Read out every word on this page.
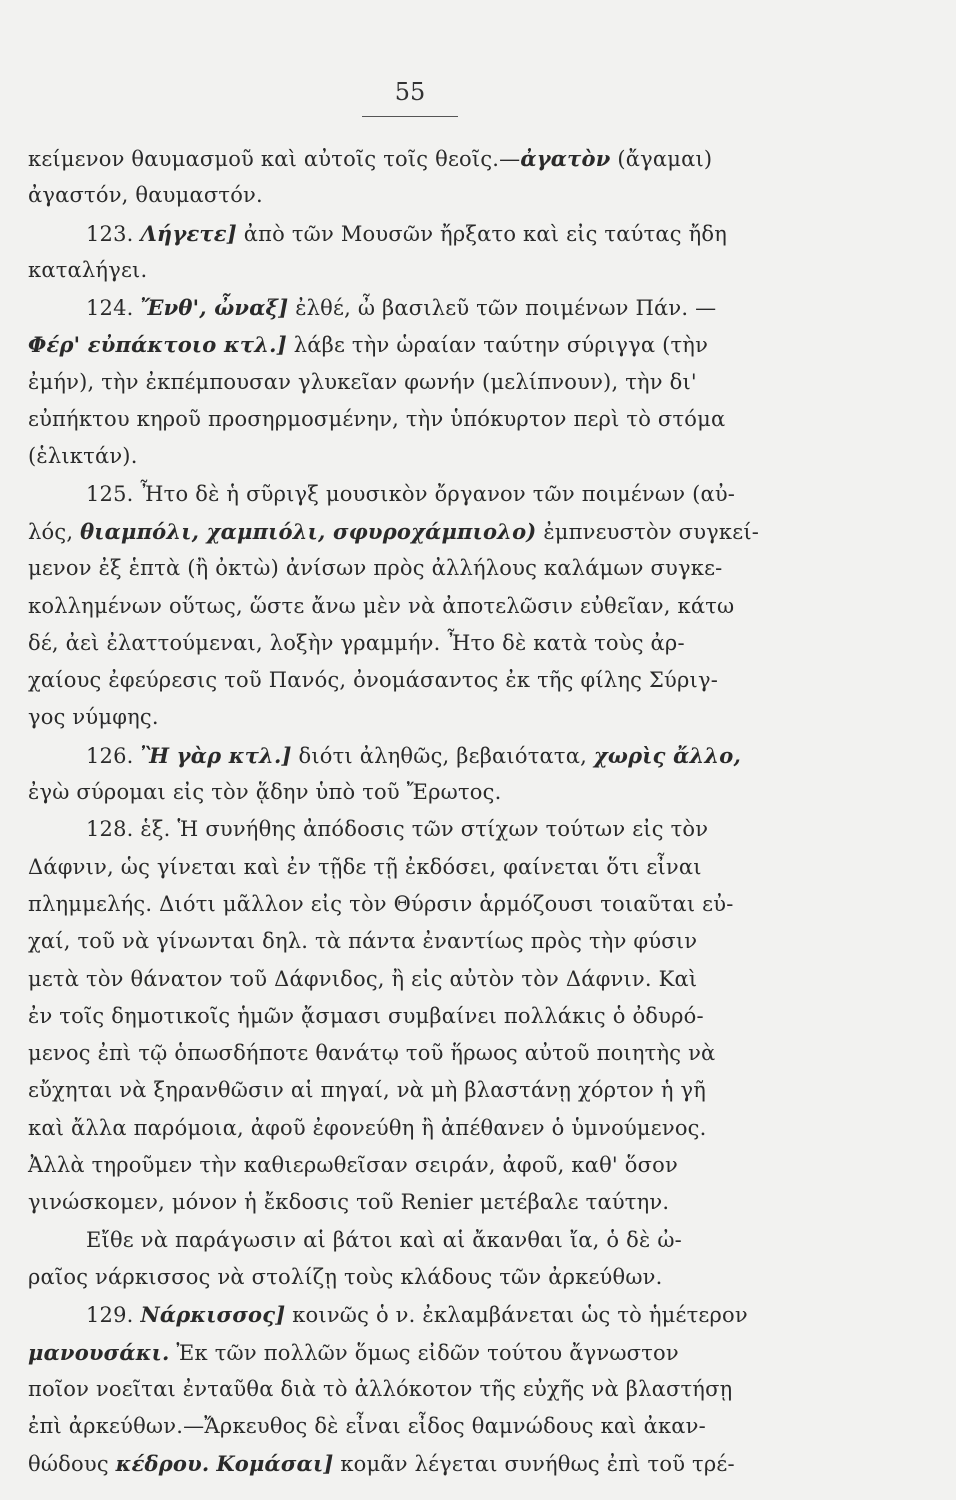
55
κείμενον θαυμασμοῦ καὶ αὐτοῖς τοῖς θεοῖς.—ἀγατὸν (ἄγαμαι)
ἀγαστόν, θαυμαστόν.
123. Λήγετε] ἀπὸ τῶν Μουσῶν ἤρξατο καὶ εἰς ταύτας ἤδη
καταλήγει.
124. Ἔνθ', ὦναξ] ἐλθέ, ὦ βασιλεῦ τῶν ποιμένων Πάν. —
Φέρ' εὐπάκτοιο κτλ.] λάβε τὴν ὡραίαν ταύτην σύριγγα (τὴν
ἐμήν), τὴν ἐκπέμπουσαν γλυκεῖαν φωνήν (μελίπνουν), τὴν δι'
εὐπήκτου κηροῦ προσηρμοσμένην, τὴν ὑπόκυρτον περὶ τὸ στόμα
(ἑλικτάν).
125. Ἦτο δὲ ἡ σῦριγξ μουσικὸν ὄργανον τῶν ποιμένων (αὐ-
λός, θιαμπόλι, χαμπιόλι, σφυροχάμπιολο) ἐμπνευστὸν συγκεί-
μενον ἐξ ἑπτὰ (ἢ ὀκτὼ) ἀνίσων πρὸς ἀλλήλους καλάμων συγκε-
κολλημένων οὕτως, ὥστε ἄνω μὲν νὰ ἀποτελῶσιν εὐθεῖαν, κάτω
δέ, ἀεὶ ἐλαττούμεναι, λοξὴν γραμμήν. Ἦτο δὲ κατὰ τοὺς ἀρ-
χαίους ἐφεύρεσις τοῦ Πανός, ὀνομάσαντος ἐκ τῆς φίλης Σύριγ-
γος νύμφης.
126. Ἢ γὰρ κτλ.] διότι ἀληθῶς, βεβαιότατα, χωρὶς ἄλλο,
ἐγὼ σύρομαι εἰς τὸν ᾅδην ὑπὸ τοῦ Ἔρωτος.
128. ἑξ. Ἡ συνήθης ἀπόδοσις τῶν στίχων τούτων εἰς τὸν
Δάφνιν, ὡς γίνεται καὶ ἐν τῇδε τῇ ἐκδόσει, φαίνεται ὅτι εἶναι
πλημμελής. Διότι μᾶλλον εἰς τὸν Θύρσιν ἁρμόζουσι τοιαῦται εὐ-
χαί, τοῦ νὰ γίνωνται δηλ. τὰ πάντα ἐναντίως πρὸς τὴν φύσιν
μετὰ τὸν θάνατον τοῦ Δάφνιδος, ἢ εἰς αὐτὸν τὸν Δάφνιν. Καὶ
ἐν τοῖς δημοτικοῖς ἡμῶν ᾄσμασι συμβαίνει πολλάκις ὁ ὀδυρό-
μενος ἐπὶ τῷ ὁπωσδήποτε θανάτῳ τοῦ ἥρωος αὐτοῦ ποιητὴς νὰ
εὔχηται νὰ ξηρανθῶσιν αἱ πηγαί, νὰ μὴ βλαστάνῃ χόρτον ἡ γῆ
καὶ ἄλλα παρόμοια, ἀφοῦ ἐφονεύθη ἢ ἀπέθανεν ὁ ὑμνούμενος.
Ἀλλὰ τηροῦμεν τὴν καθιερωθεῖσαν σειράν, ἀφοῦ, καθ' ὅσον
γινώσκομεν, μόνον ἡ ἔκδοσις τοῦ Renier μετέβαλε ταύτην.
Εἴθε νὰ παράγωσιν αἱ βάτοι καὶ αἱ ἄκανθαι ἴα, ὁ δὲ ὠ-
ραῖος νάρκισσος νὰ στολίζῃ τοὺς κλάδους τῶν ἀρκεύθων.
129. Νάρκισσος] κοινῶς ὁ ν. ἐκλαμβάνεται ὡς τὸ ἡμέτερον
μανουσάκι. Ἐκ τῶν πολλῶν ὅμως εἰδῶν τούτου ἄγνωστον
ποῖον νοεῖται ἐνταῦθα διὰ τὸ ἀλλόκοτον τῆς εὐχῆς νὰ βλαστήσῃ
ἐπὶ ἀρκεύθων.—Ἄρκευθος δὲ εἶναι εἶδος θαμνώδους καὶ ἀκαν-
θώδους κέδρου. Κομάσαι] κομᾶν λέγεται συνήθως ἐπὶ τοῦ τρέ-
